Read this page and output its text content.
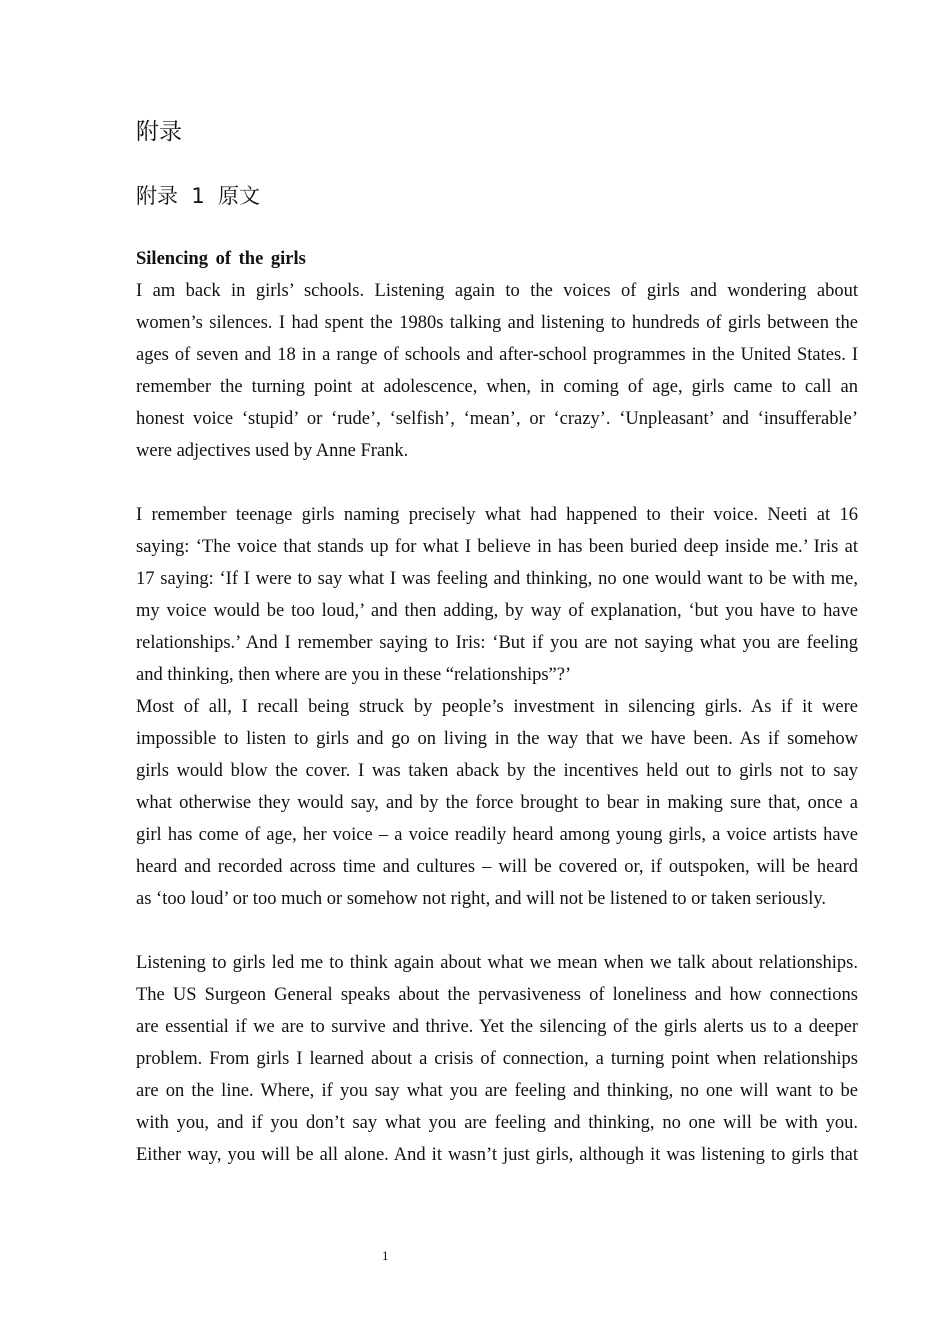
附录
附录  1  原文
Silencing of the girls
I am back in girls’ schools. Listening again to the voices of girls and wondering about
women’s silences. I had spent the 1980s talking and listening to hundreds of girls between the
ages of seven and 18 in a range of schools and after-school programmes in the United States. I
remember the turning point at adolescence, when, in coming of age, girls came to call an
honest voice ‘stupid’ or ‘rude’, ‘selfish’, ‘mean’, or ‘crazy’. ‘Unpleasant’ and ‘insufferable’
were adjectives used by Anne Frank.
I remember teenage girls naming precisely what had happened to their voice. Neeti at 16
saying: ‘The voice that stands up for what I believe in has been buried deep inside me.’ Iris at
17 saying: ‘If I were to say what I was feeling and thinking, no one would want to be with me,
my voice would be too loud,’ and then adding, by way of explanation, ‘but you have to have
relationships.’ And I remember saying to Iris: ‘But if you are not saying what you are feeling
and thinking, then where are you in these “relationships”?’
Most of all, I recall being struck by people’s investment in silencing girls. As if it were
impossible to listen to girls and go on living in the way that we have been. As if somehow
girls would blow the cover. I was taken aback by the incentives held out to girls not to say
what otherwise they would say, and by the force brought to bear in making sure that, once a
girl has come of age, her voice – a voice readily heard among young girls, a voice artists have
heard and recorded across time and cultures – will be covered or, if outspoken, will be heard
as ‘too loud’ or too much or somehow not right, and will not be listened to or taken seriously.
Listening to girls led me to think again about what we mean when we talk about relationships.
The US Surgeon General speaks about the pervasiveness of loneliness and how connections
are essential if we are to survive and thrive. Yet the silencing of the girls alerts us to a deeper
problem. From girls I learned about a crisis of connection, a turning point when relationships
are on the line. Where, if you say what you are feeling and thinking, no one will want to be
with you, and if you don’t say what you are feeling and thinking, no one will be with you.
Either way, you will be all alone. And it wasn’t just girls, although it was listening to girls that
1
